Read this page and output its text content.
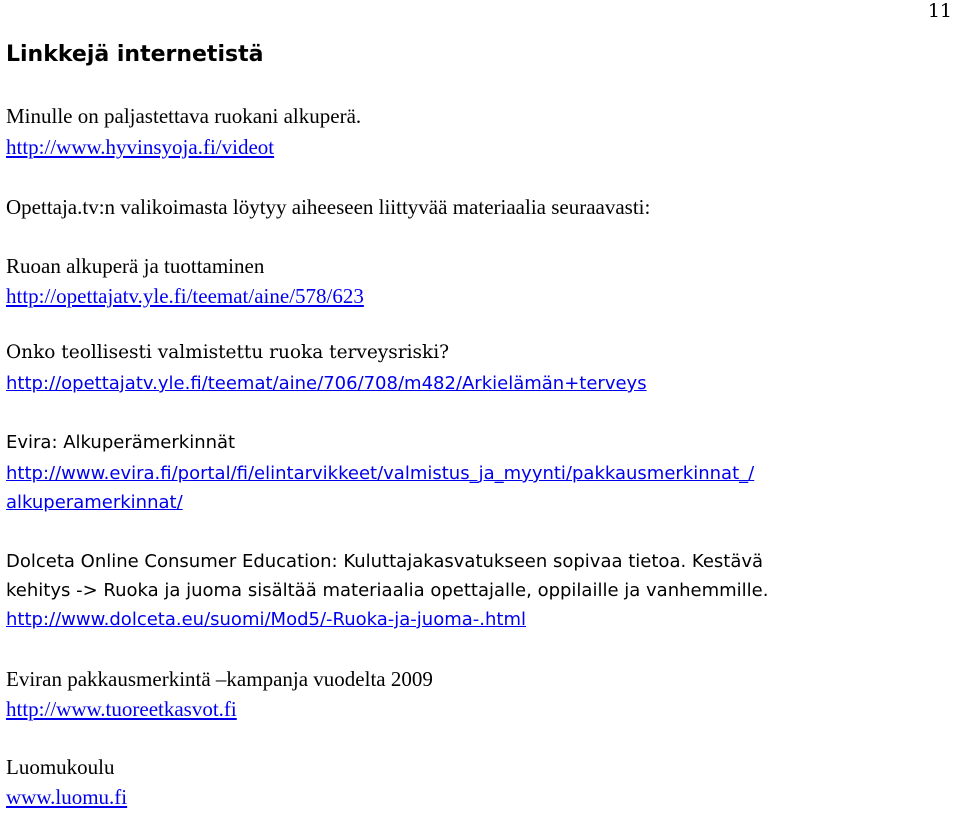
11
Linkkejä internetistä
Minulle on paljastettava ruokani alkuperä.
http://www.hyvinsyoja.fi/videot
Opettaja.tv:n valikoimasta löytyy aiheeseen liittyvää materiaalia seuraavasti:
Ruoan alkuperä ja tuottaminen
http://opettajatv.yle.fi/teemat/aine/578/623
Onko teollisesti valmistettu ruoka terveysriski?
http://opettajatv.yle.fi/teemat/aine/706/708/m482/Arkielämän+terveys
Evira: Alkuperämerkinnät
http://www.evira.fi/portal/fi/elintarvikkeet/valmistus_ja_myynti/pakkausmerkinnat_/
alkuperamerkinnat/
Dolceta Online Consumer Education: Kuluttajakasvatukseen sopivaa tietoa. Kestävä
kehitys -> Ruoka ja juoma sisältää materiaalia opettajalle, oppilaille ja vanhemmille.
http://www.dolceta.eu/suomi/Mod5/-Ruoka-ja-juoma-.html
Eviran pakkausmerkintä –kampanja vuodelta 2009
http://www.tuoreetkasvot.fi
Luomukoulu
www.luomu.fi
